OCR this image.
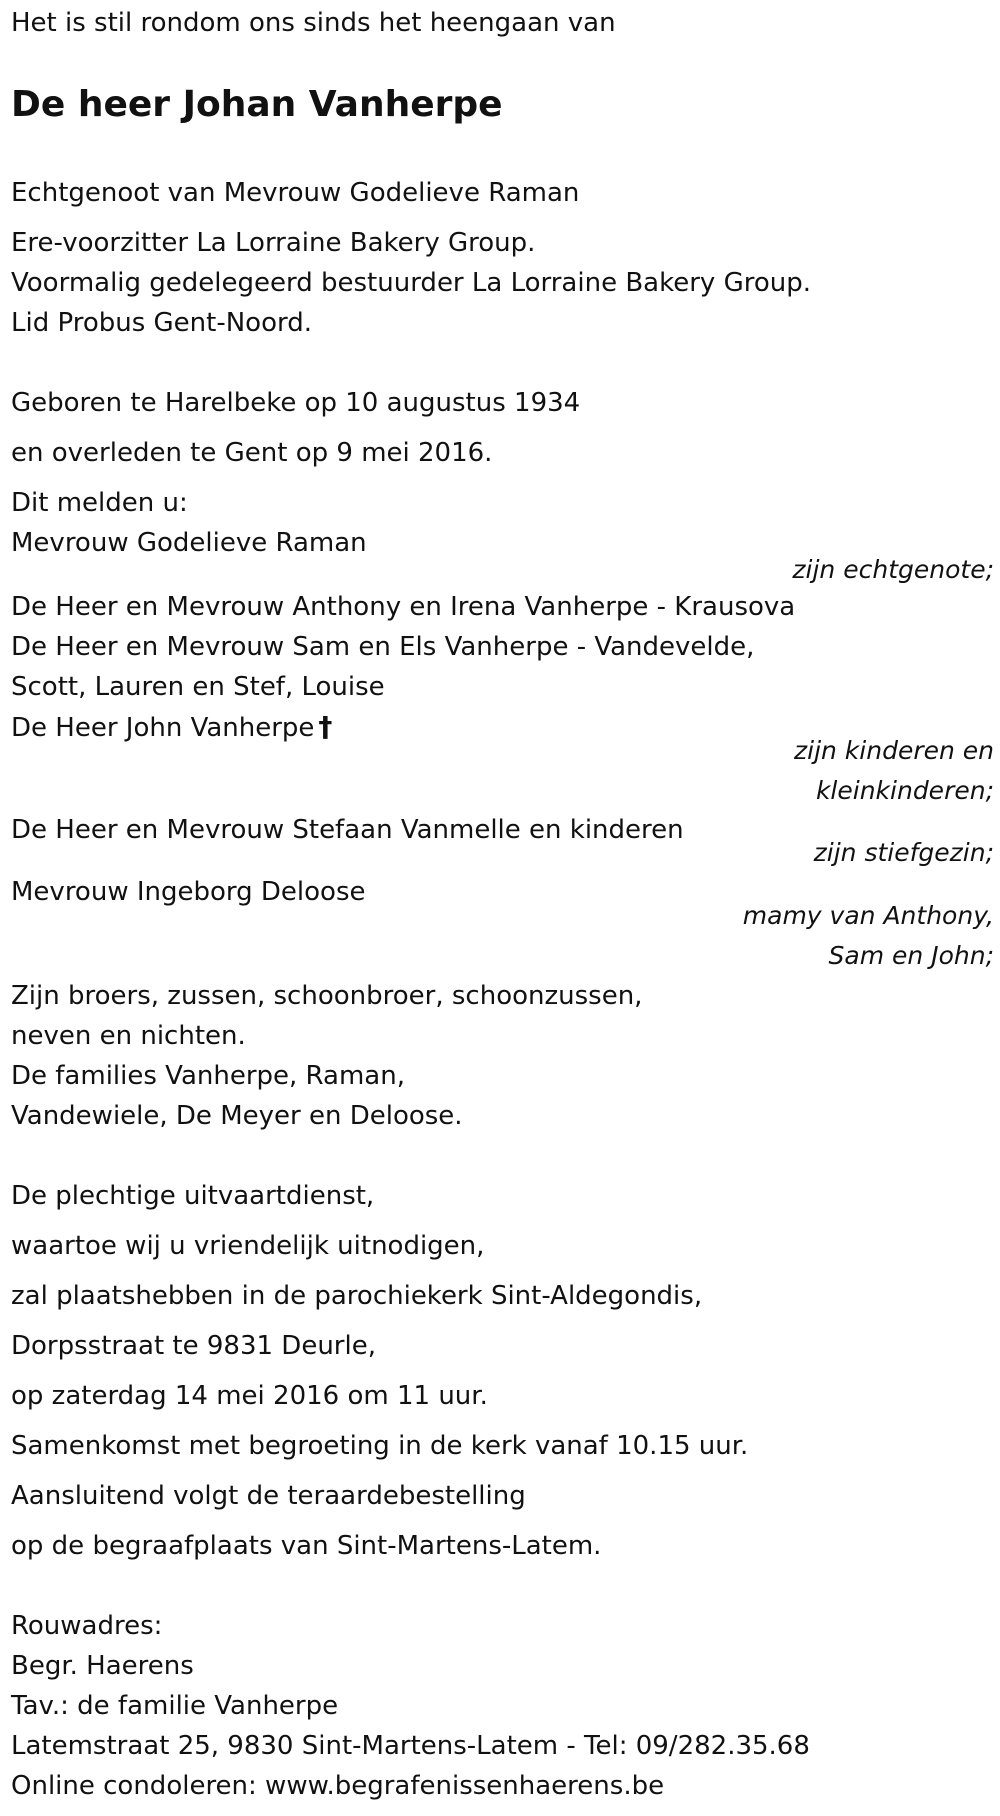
Het is stil rondom ons sinds het heengaan van
De heer Johan Vanherpe
Echtgenoot van Mevrouw Godelieve Raman
Ere-voorzitter La Lorraine Bakery Group.
Voormalig gedelegeerd bestuurder La Lorraine Bakery Group.
Lid Probus Gent-Noord.
Geboren te Harelbeke op 10 augustus 1934
en overleden te Gent op 9 mei 2016.
Dit melden u:
Mevrouw Godelieve Raman
zijn echtgenote;
De Heer en Mevrouw Anthony en Irena Vanherpe - Krausova
De Heer en Mevrouw Sam en Els Vanherpe - Vandevelde,
Scott, Lauren en Stef, Louise
De Heer John Vanherpe †
zijn kinderen en
kleinkinderen;
De Heer en Mevrouw Stefaan Vanmelle en kinderen
zijn stiefgezin;
Mevrouw Ingeborg Deloose
mamy van Anthony,
Sam en John;
Zijn broers, zussen, schoonbroer, schoonzussen,
neven en nichten.
De families Vanherpe, Raman,
Vandewiele, De Meyer en Deloose.
De plechtige uitvaartdienst,
waartoe wij u vriendelijk uitnodigen,
zal plaatshebben in de parochiekerk Sint-Aldegondis,
Dorpsstraat te 9831 Deurle,
op zaterdag 14 mei 2016 om 11 uur.
Samenkomst met begroeting in de kerk vanaf 10.15 uur.
Aansluitend volgt de teraardebestelling
op de begraafplaats van Sint-Martens-Latem.
Rouwadres:
Begr. Haerens
Tav.: de familie Vanherpe
Latemstraat 25, 9830 Sint-Martens-Latem - Tel: 09/282.35.68
Online condoleren: www.begrafenissenhaerens.be
